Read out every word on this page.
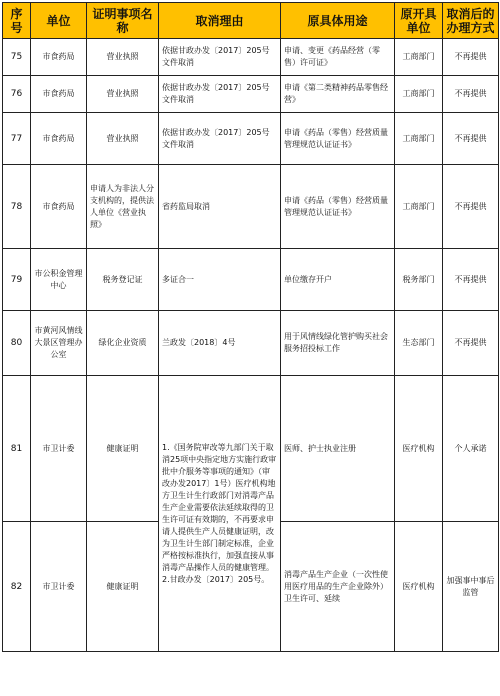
序号	单位	证明事项名称	取消理由	原具体用途	原开具单位	取消后的办理方式
75	市食药局	营业执照	依据甘政办发〔2017〕205号文件取消	申请、变更《药品经营（零售）许可证》	工商部门	不再提供
76	市食药局	营业执照	依据甘政办发〔2017〕205号文件取消	申请《第二类精神药品零售经营》	工商部门	不再提供
77	市食药局	营业执照	依据甘政办发〔2017〕205号文件取消	申请《药品（零售）经营质量管理规范认证证书》	工商部门	不再提供
78	市食药局	申请人为非法人分支机构的，提供法人单位《营业执照》	省药监局取消	申请《药品（零售）经营质量管理规范认证证书》	工商部门	不再提供
79	市公积金管理中心	税务登记证	多证合一	单位缴存开户	税务部门	不再提供
80	市黄河风情线大景区管理办公室	绿化企业资质	兰政发〔2018〕4号	用于风情线绿化管护购买社会服务招投标工作	生态部门	不再提供
81	市卫计委	健康证明	1.《国务院审改等九部门关于取消25项中央指定地方实施行政审批中介服务等事项的通知》（审改办发2017〕1号）医疗机构地方卫生计生行政部门对消毒产品生产企业需要依法延续取得的卫生许可证有效期的，不再要求申请人提供生产人员健康证明，改为卫生计生部门制定标准，企业严格按标准执行，加强直接从事消毒产品操作人员的健康管理。2.甘政办发〔2017〕205号。	医师、护士执业注册	医疗机构	个人承诺
82	市卫计委	健康证明		消毒产品生产企业（一次性使用医疗用品的生产企业除外）卫生许可、延续	医疗机构	加强事中事后监管
